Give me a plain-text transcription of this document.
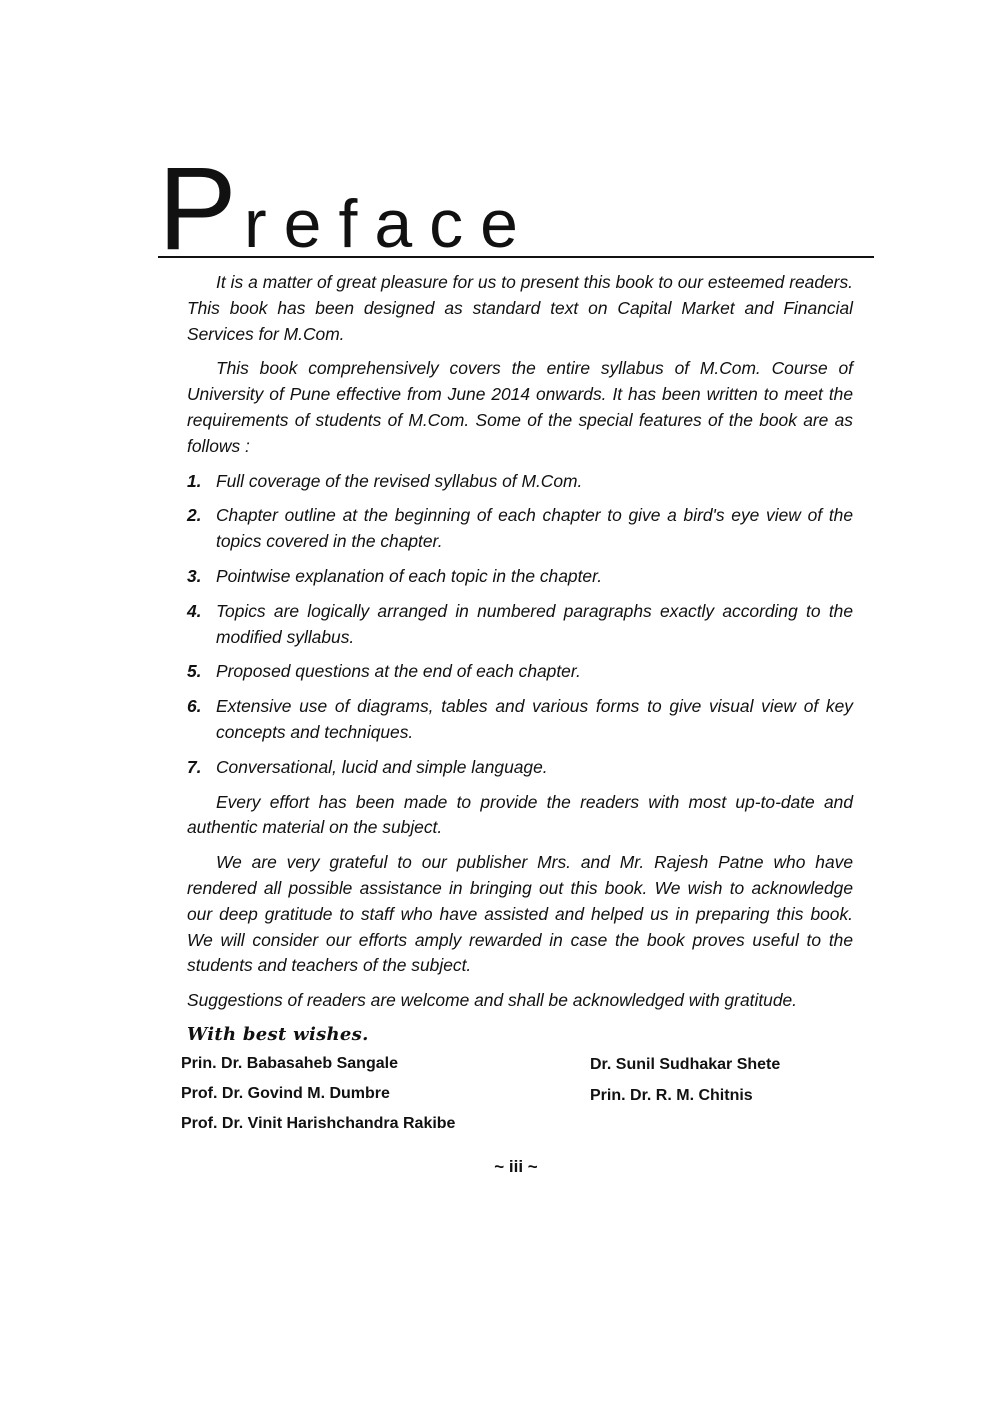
P reface

It is a matter of great pleasure for us to present this book to our esteemed readers. This book has been designed as standard text on Capital Market and Financial Services for M.Com.

This book comprehensively covers the entire syllabus of M.Com. Course of University of Pune effective from June 2014 onwards. It has been written to meet the requirements of students of M.Com. Some of the special features of the book are as follows :

1. Full coverage of the revised syllabus of M.Com.
2. Chapter outline at the beginning of each chapter to give a bird's eye view of the topics covered in the chapter.
3. Pointwise explanation of each topic in the chapter.
4. Topics are logically arranged in numbered paragraphs exactly according to the modified syllabus.
5. Proposed questions at the end of each chapter.
6. Extensive use of diagrams, tables and various forms to give visual view of key concepts and techniques.
7. Conversational, lucid and simple language.

Every effort has been made to provide the readers with most up-to-date and authentic material on the subject.

We are very grateful to our publisher Mrs. and Mr. Rajesh Patne who have rendered all possible assistance in bringing out this book. We wish to acknowledge our deep gratitude to staff who have assisted and helped us in preparing this book. We will consider our efforts amply rewarded in case the book proves useful to the students and teachers of the subject.

Suggestions of readers are welcome and shall be acknowledged with gratitude.

With best wishes.
Prin. Dr. Babasaheb Sangale
Prof. Dr. Govind M. Dumbre
Prof. Dr. Vinit Harishchandra Rakibe
Dr. Sunil Sudhakar Shete
Prin. Dr. R. M. Chitnis
~ iii ~
